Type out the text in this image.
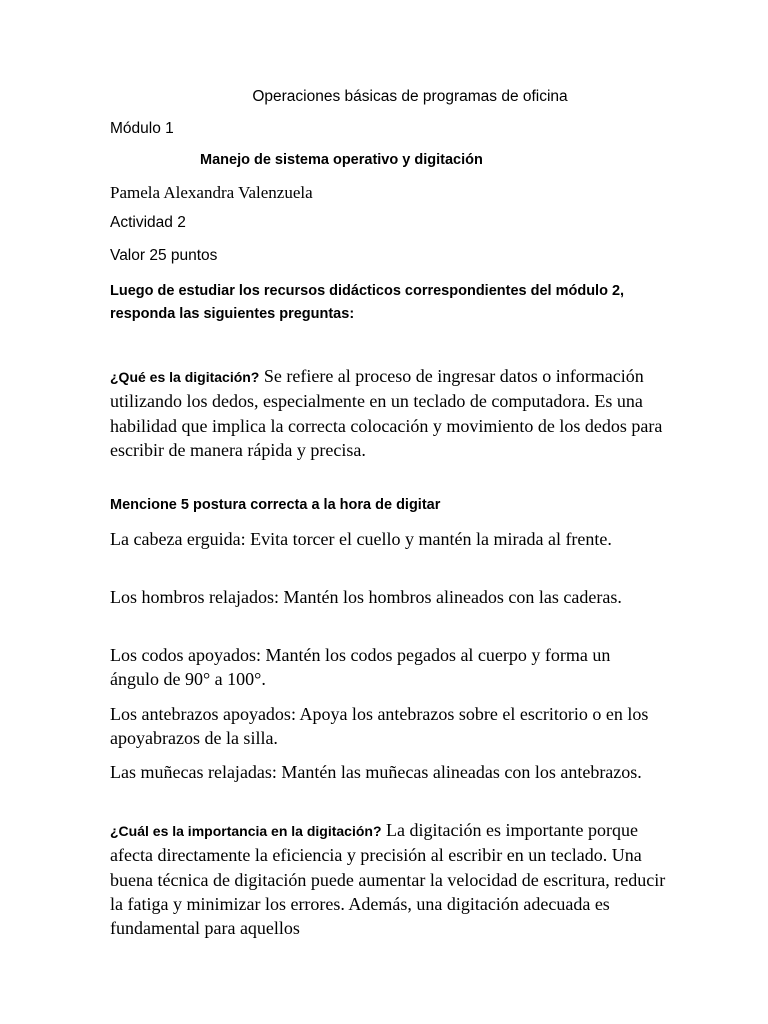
Operaciones básicas de programas de oficina
Módulo 1
Manejo de sistema operativo y digitación
Pamela Alexandra Valenzuela
Actividad 2
Valor 25 puntos
Luego de estudiar los recursos didácticos correspondientes del módulo 2,
responda las siguientes preguntas:
¿Qué es la digitación? Se refiere al proceso de ingresar datos o información utilizando los dedos, especialmente en un teclado de computadora. Es una habilidad que implica la correcta colocación y movimiento de los dedos para escribir de manera rápida y precisa.
Mencione 5 postura correcta a la hora de digitar
La cabeza erguida: Evita torcer el cuello y mantén la mirada al frente.
Los hombros relajados: Mantén los hombros alineados con las caderas.
Los codos apoyados: Mantén los codos pegados al cuerpo y forma un ángulo de 90° a 100°.
Los antebrazos apoyados: Apoya los antebrazos sobre el escritorio o en los apoyabrazos de la silla.
Las muñecas relajadas: Mantén las muñecas alineadas con los antebrazos.
¿Cuál es la importancia en la digitación? La digitación es importante porque afecta directamente la eficiencia y precisión al escribir en un teclado. Una buena técnica de digitación puede aumentar la velocidad de escritura, reducir la fatiga y minimizar los errores. Además, una digitación adecuada es fundamental para aquellos
